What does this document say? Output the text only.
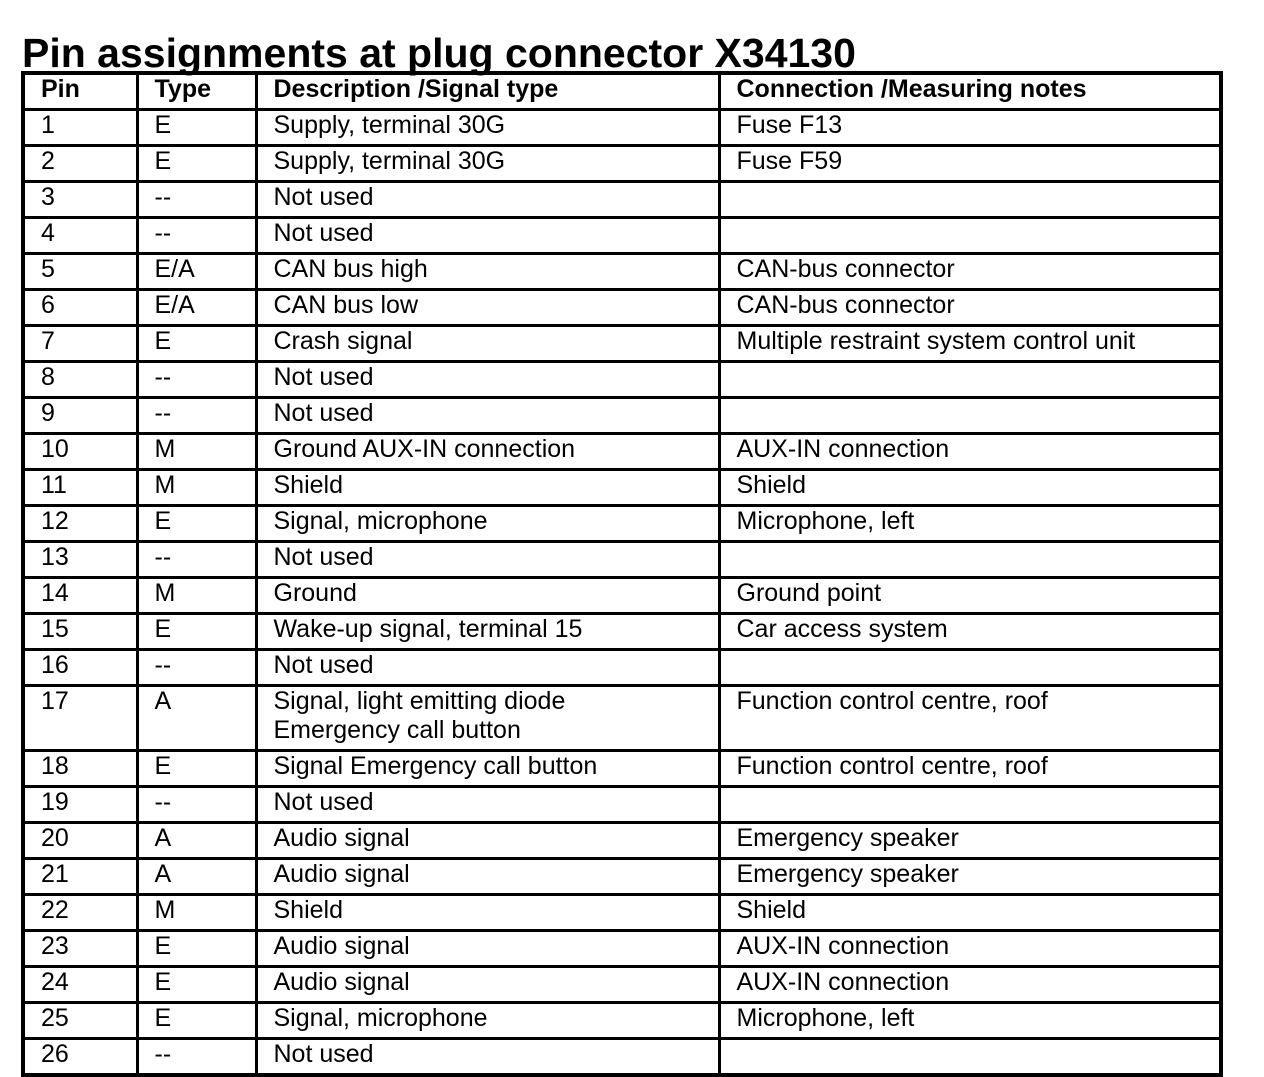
Pin assignments at plug connector X34130
Pin	Type	Description /Signal type	Connection /Measuring notes
1	E	Supply, terminal 30G	Fuse F13
2	E	Supply, terminal 30G	Fuse F59
3	--	Not used	

4	--	Not used	

5	E/A	CAN bus high	CAN-bus connector
6	E/A	CAN bus low	CAN-bus connector
7	E	Crash signal	Multiple restraint system control unit
8	--	Not used	

9	--	Not used	

10	M	Ground AUX-IN connection	AUX-IN connection
11	M	Shield	Shield
12	E	Signal, microphone	Microphone, left
13	--	Not used	

14	M	Ground	Ground point
15	E	Wake-up signal, terminal 15	Car access system
16	--	Not used	

17	A	Signal, light emitting diode
Emergency call button	Function control centre, roof
18	E	Signal Emergency call button	Function control centre, roof
19	--	Not used	

20	A	Audio signal	Emergency speaker
21	A	Audio signal	Emergency speaker
22	M	Shield	Shield
23	E	Audio signal	AUX-IN connection
24	E	Audio signal	AUX-IN connection
25	E	Signal, microphone	Microphone, left
26	--	Not used	
